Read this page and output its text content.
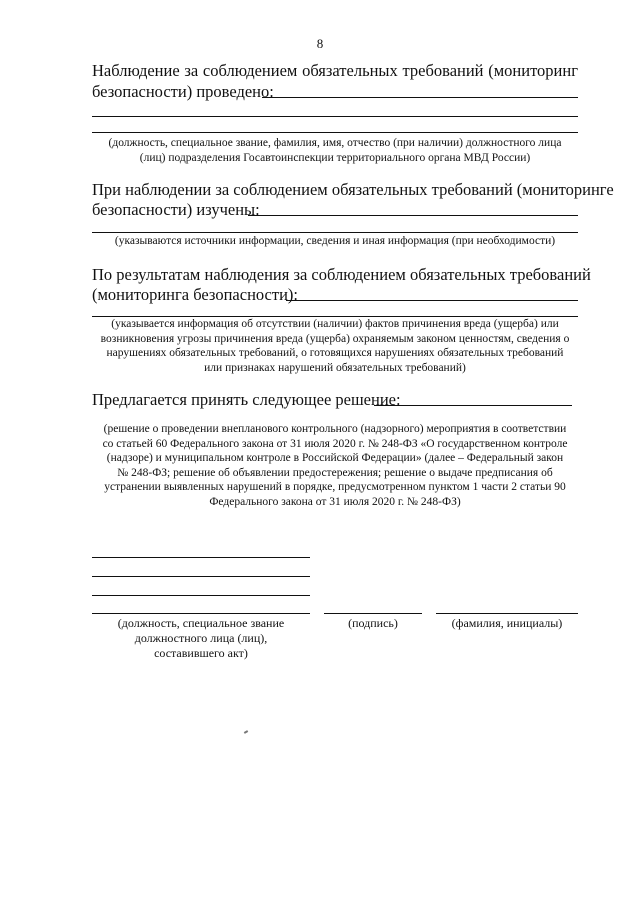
8
Наблюдение за соблюдением обязательных требований (мониторинг
безопасности) проведено:
(должность, специальное звание, фамилия, имя, отчество (при наличии) должностного лица
(лиц) подразделения Госавтоинспекции территориального органа МВД России)
При наблюдении за соблюдением обязательных требований (мониторинге
безопасности) изучены:
(указываются источники информации, сведения и иная информация (при необходимости)
По результатам наблюдения за соблюдением обязательных требований
(мониторинга безопасности):
(указывается информация об отсутствии (наличии) фактов причинения вреда (ущерба) или
возникновения угрозы причинения вреда (ущерба) охраняемым законом ценностям, сведения о
нарушениях обязательных требований, о готовящихся нарушениях обязательных требований
или признаках нарушений обязательных требований)
Предлагается принять следующее решение:
(решение о проведении внепланового контрольного (надзорного) мероприятия в соответствии
со статьей 60 Федерального закона от 31 июля 2020 г. № 248-ФЗ «О государственном контроле
(надзоре) и муниципальном контроле в Российской Федерации» (далее – Федеральный закон
№ 248-ФЗ; решение об объявлении предостережения; решение о выдаче предписания об
устранении выявленных нарушений в порядке, предусмотренном пунктом 1 части 2 статьи 90
Федерального закона от 31 июля 2020 г. № 248-ФЗ)
(должность, специальное звание
должностного лица (лиц),
составившего акт)
(подпись)	(фамилия, инициалы)
